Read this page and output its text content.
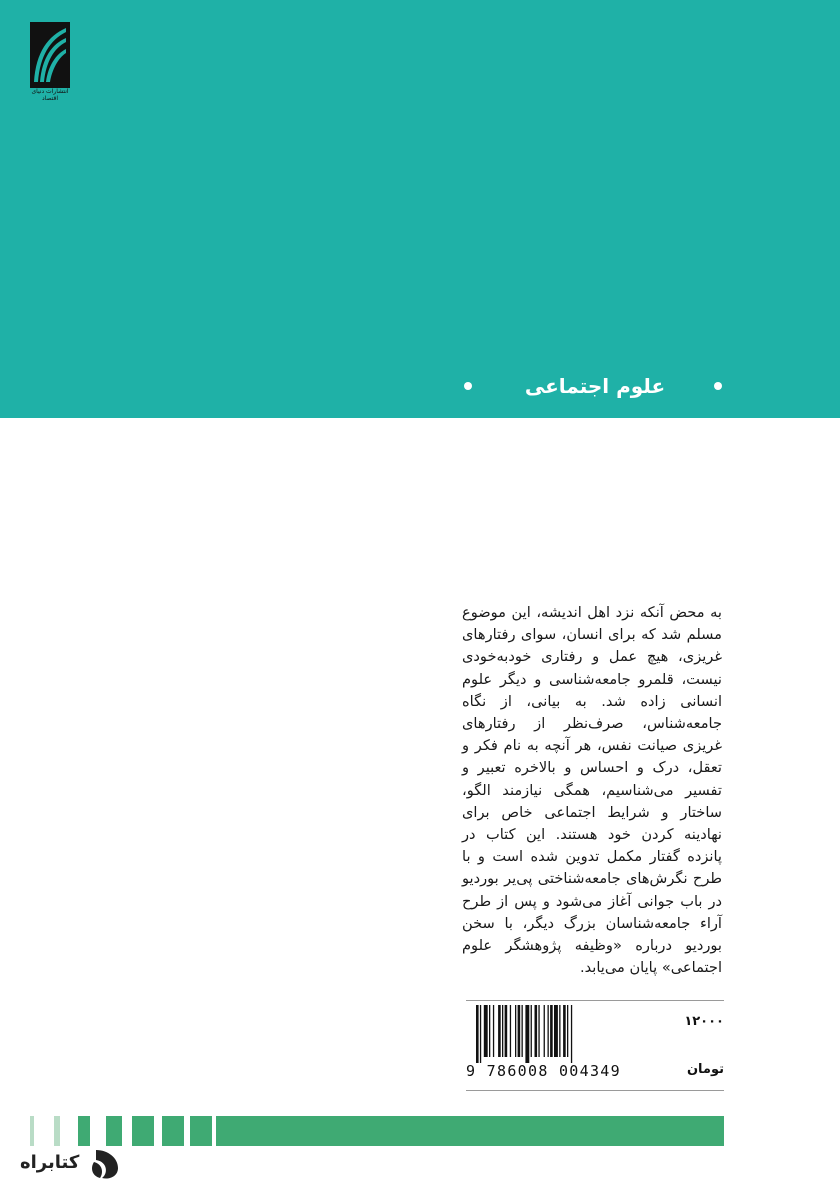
انتشارات دنیای اقتصاد
علوم اجتماعی
به محض آنکه نزد اهل اندیشه، این موضوع مسلم شد که برای انسان، سوای رفتارهای غریزی، هیچ عمل و رفتاری خودبه‌خودی نیست، قلمرو جامعه‌شناسی و دیگر علوم انسانی زاده شد. به بیانی، از نگاه جامعه‌شناس، صرف‌نظر از رفتارهای غریزی صیانت نفس، هر آنچه به نام فکر و تعقل، درک و احساس و بالاخره تعبیر و تفسیر می‌شناسیم، همگی نیازمند الگو، ساختار و شرایط اجتماعی خاص برای نهادینه کردن خود هستند. این کتاب در پانزده گفتار مکمل تدوین شده است و با طرح نگرش‌های جامعه‌شناختی پی‌یر بوردیو در باب جوانی آغاز می‌شود و پس از طرح آراء جامعه‌شناسان بزرگ دیگر، با سخن بوردیو درباره «وظیفه پژوهشگر علوم اجتماعی» پایان می‌یابد.
9 786008 004349
۱۲۰۰۰
تومان
کتابراه
